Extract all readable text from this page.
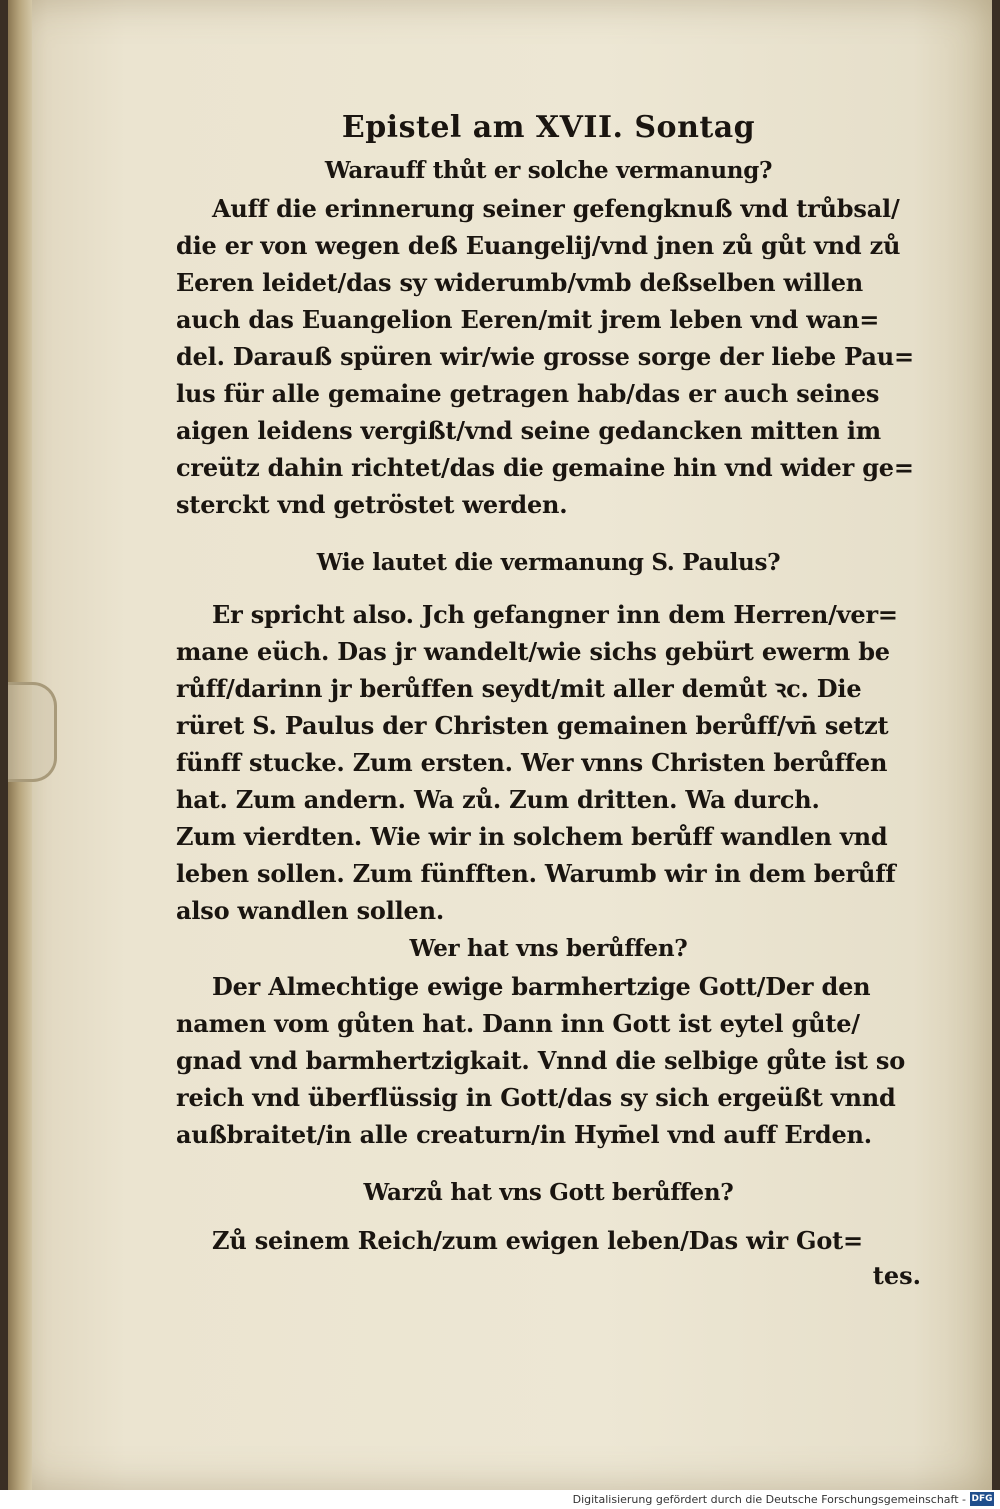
Epistel am XVII. Sontag
Warauff thůt er solche vermanung?
Auff die erinnerung seiner gefengknuß vnd trůbsal/
die er von wegen deß Euangelij/vnd jnen zů gůt vnd zů
Eeren leidet/das sy widerumb/vmb deßselben willen
auch das Euangelion Eeren/mit jrem leben vnd wan=
del. Darauß spüren wir/wie grosse sorge der liebe Pau=
lus für alle gemaine getragen hab/das er auch seines
aigen leidens vergißt/vnd seine gedancken mitten im
creütz dahin richtet/das die gemaine hin vnd wider ge=
sterckt vnd getröstet werden.
Wie lautet die vermanung S. Paulus?
Er spricht also. Jch gefangner inn dem Herren/ver=
mane eüch. Das jr wandelt/wie sichs gebürt ewerm be
růff/darinn jr berůffen seydt/mit aller demůt ꝛc. Die
rüret S. Paulus der Christen gemainen berůff/vn̄ setzt
fünff stucke. Zum ersten. Wer vnns Christen berůffen
hat. Zum andern. Wa zů. Zum dritten. Wa durch.
Zum vierdten. Wie wir in solchem berůff wandlen vnd
leben sollen. Zum fünfften. Warumb wir in dem berůff
also wandlen sollen.
Wer hat vns berůffen?
Der Almechtige ewige barmhertzige Gott/Der den
namen vom gůten hat. Dann inn Gott ist eytel gůte/
gnad vnd barmhertzigkait. Vnnd die selbige gůte ist so
reich vnd überflüssig in Gott/das sy sich ergeüßt vnnd
außbraitet/in alle creaturn/in Hym̄el vnd auff Erden.
Warzů hat vns Gott berůffen?
Zů seinem Reich/zum ewigen leben/Das wir Got=
tes.
Digitalisierung gefördert durch die Deutsche Forschungsgemeinschaft - DFG
